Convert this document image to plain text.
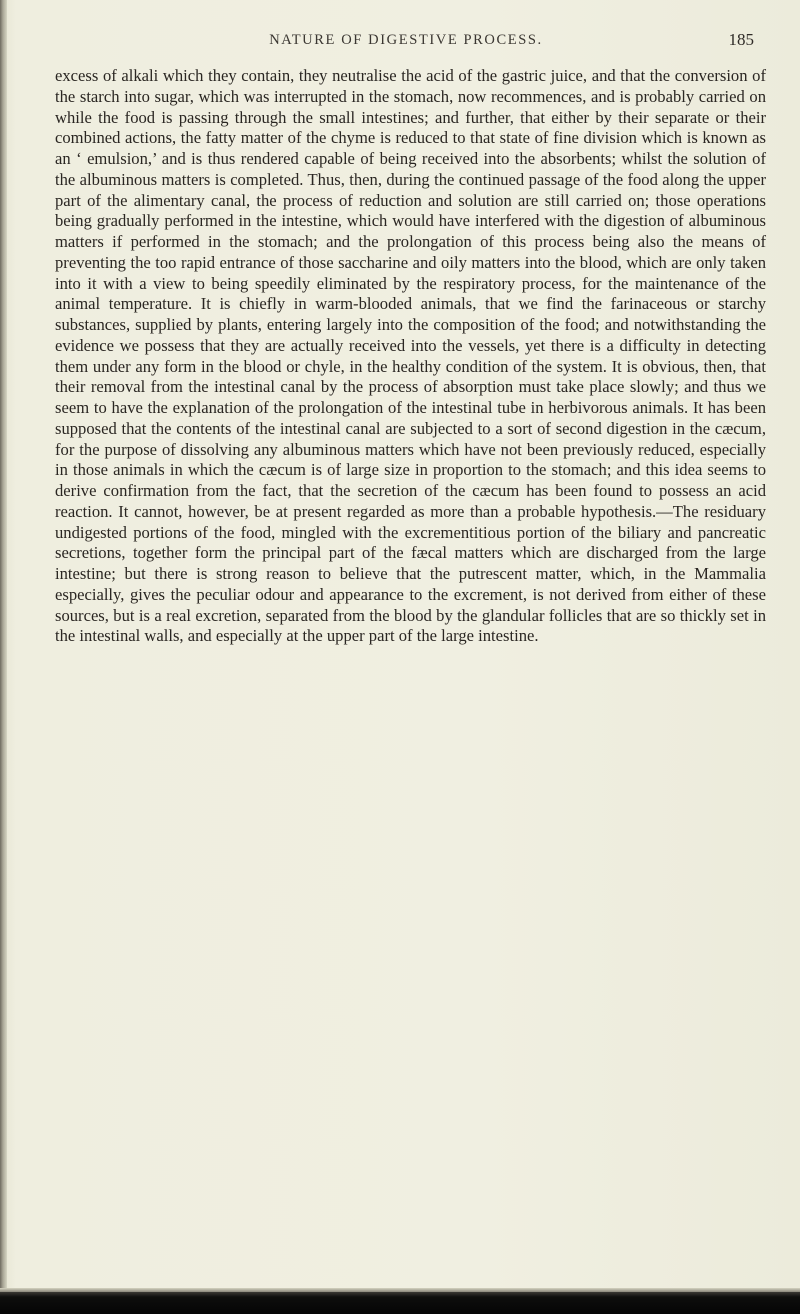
NATURE OF DIGESTIVE PROCESS.	185

excess of alkali which they contain, they neutralise the acid of the gastric juice, and that the conversion of the starch into sugar, which was interrupted in the stomach, now recommences, and is probably carried on while the food is passing through the small intestines; and further, that either by their separate or their combined actions, the fatty matter of the chyme is reduced to that state of fine division which is known as an ‘ emulsion,’ and is thus rendered capable of being received into the absorbents; whilst the solution of the albuminous matters is completed. Thus, then, during the continued passage of the food along the upper part of the alimentary canal, the process of reduction and solution are still carried on; those operations being gradually performed in the intestine, which would have interfered with the digestion of albuminous matters if performed in the stomach; and the prolongation of this process being also the means of preventing the too rapid entrance of those saccharine and oily matters into the blood, which are only taken into it with a view to being speedily eliminated by the respiratory process, for the maintenance of the animal temperature. It is chiefly in warm-blooded animals, that we find the farinaceous or starchy substances, supplied by plants, entering largely into the composition of the food; and notwithstanding the evidence we possess that they are actually received into the vessels, yet there is a difficulty in detecting them under any form in the blood or chyle, in the healthy condition of the system. It is obvious, then, that their removal from the intestinal canal by the process of absorption must take place slowly; and thus we seem to have the explanation of the prolongation of the intestinal tube in herbivorous animals. It has been supposed that the contents of the intestinal canal are subjected to a sort of second digestion in the cæcum, for the purpose of dissolving any albuminous matters which have not been previously reduced, especially in those animals in which the cæcum is of large size in proportion to the stomach; and this idea seems to derive confirmation from the fact, that the secretion of the cæcum has been found to possess an acid reaction. It cannot, however, be at present regarded as more than a probable hypothesis.—The residuary undigested portions of the food, mingled with the excrementitious portion of the biliary and pancreatic secretions, together form the principal part of the fæcal matters which are discharged from the large intestine; but there is strong reason to believe that the putrescent matter, which, in the Mammalia especially, gives the peculiar odour and appearance to the excrement, is not derived from either of these sources, but is a real excretion, separated from the blood by the glandular follicles that are so thickly set in the intestinal walls, and especially at the upper part of the large intestine.
